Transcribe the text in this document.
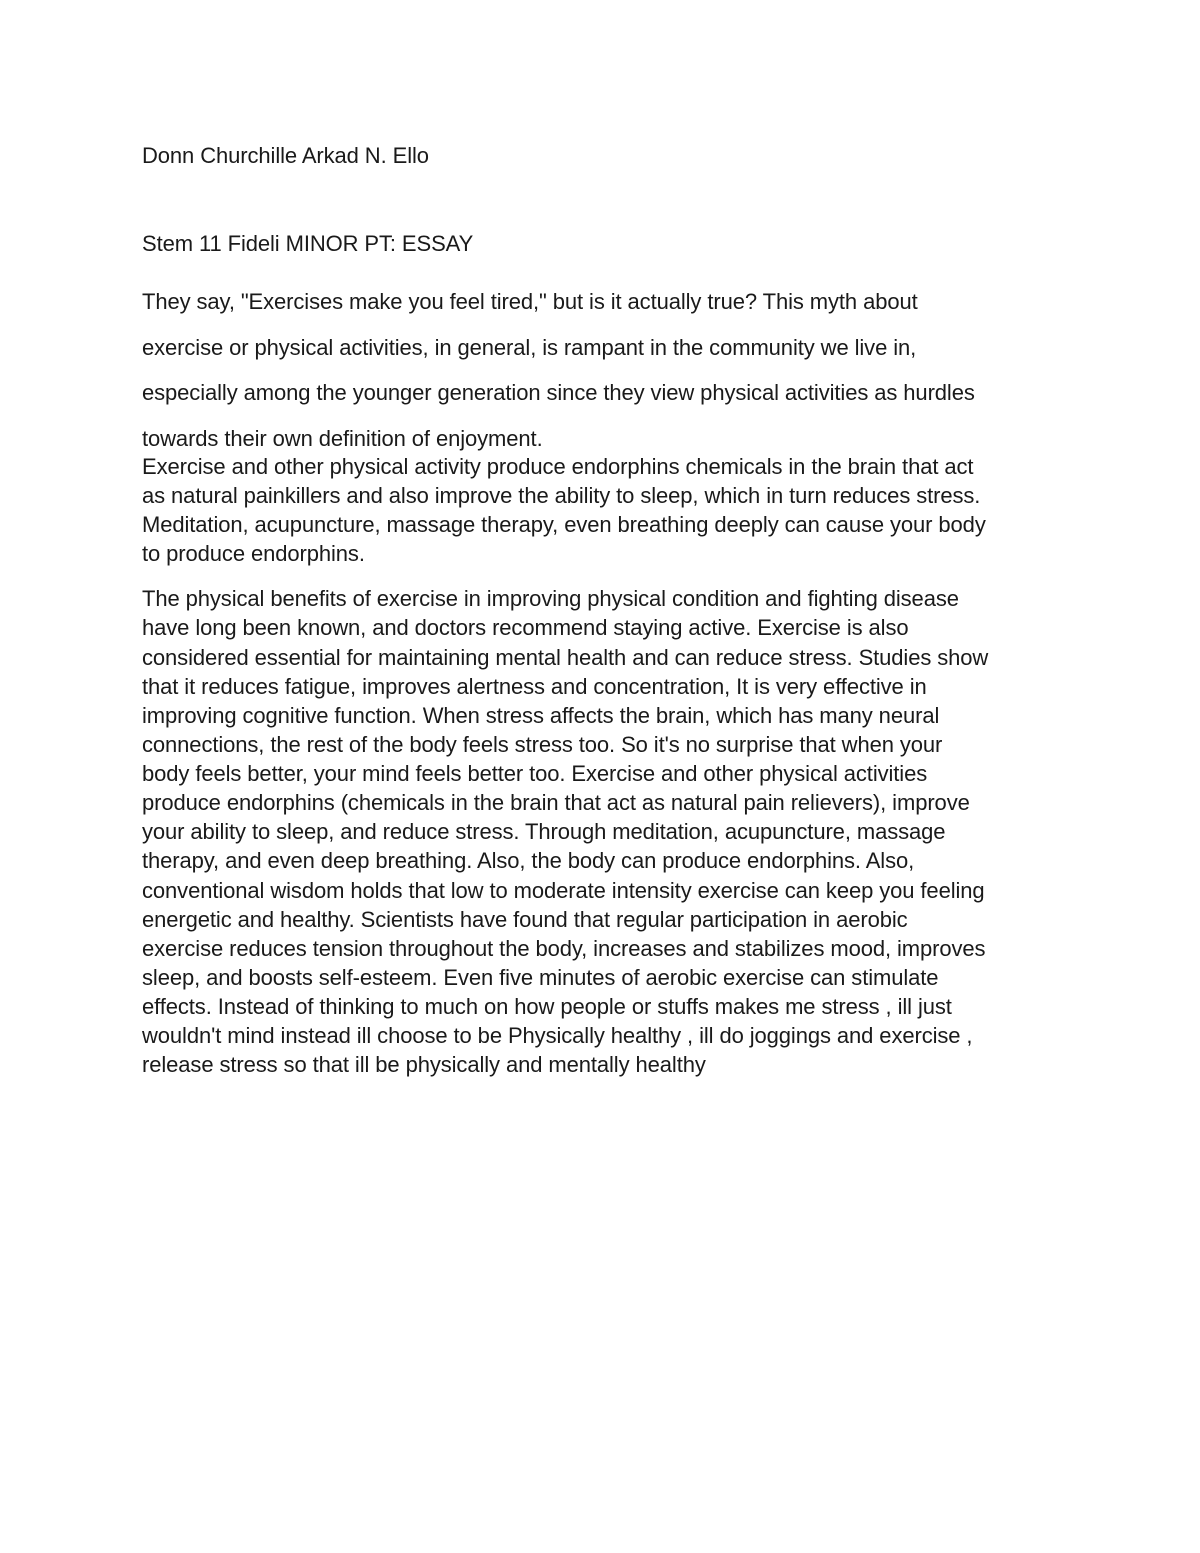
Donn Churchille Arkad N. Ello
Stem 11 Fideli MINOR PT: ESSAY
They say, "Exercises make you feel tired," but is it actually true? This myth about
exercise or physical activities, in general, is rampant in the community we live in,
especially among the younger generation since they view physical activities as hurdles
towards their own definition of enjoyment.
Exercise and other physical activity produce endorphins chemicals in the brain that act
as natural painkillers and also improve the ability to sleep, which in turn reduces stress.
Meditation, acupuncture, massage therapy, even breathing deeply can cause your body
to produce endorphins.
The physical benefits of exercise in improving physical condition and fighting disease
have long been known, and doctors recommend staying active. Exercise is also
considered essential for maintaining mental health and can reduce stress. Studies show
that it reduces fatigue, improves alertness and concentration, It is very effective in
improving cognitive function. When stress affects the brain, which has many neural
connections, the rest of the body feels stress too. So it's no surprise that when your
body feels better, your mind feels better too. Exercise and other physical activities
produce endorphins (chemicals in the brain that act as natural pain relievers), improve
your ability to sleep, and reduce stress. Through meditation, acupuncture, massage
therapy, and even deep breathing. Also, the body can produce endorphins. Also,
conventional wisdom holds that low to moderate intensity exercise can keep you feeling
energetic and healthy. Scientists have found that regular participation in aerobic
exercise reduces tension throughout the body, increases and stabilizes mood, improves
sleep, and boosts self-esteem. Even five minutes of aerobic exercise can stimulate
effects. Instead of thinking to much on how people or stuffs makes me stress , ill just
wouldn't mind instead ill choose to be Physically healthy , ill do joggings and exercise ,
release stress so that ill be physically and mentally healthy
